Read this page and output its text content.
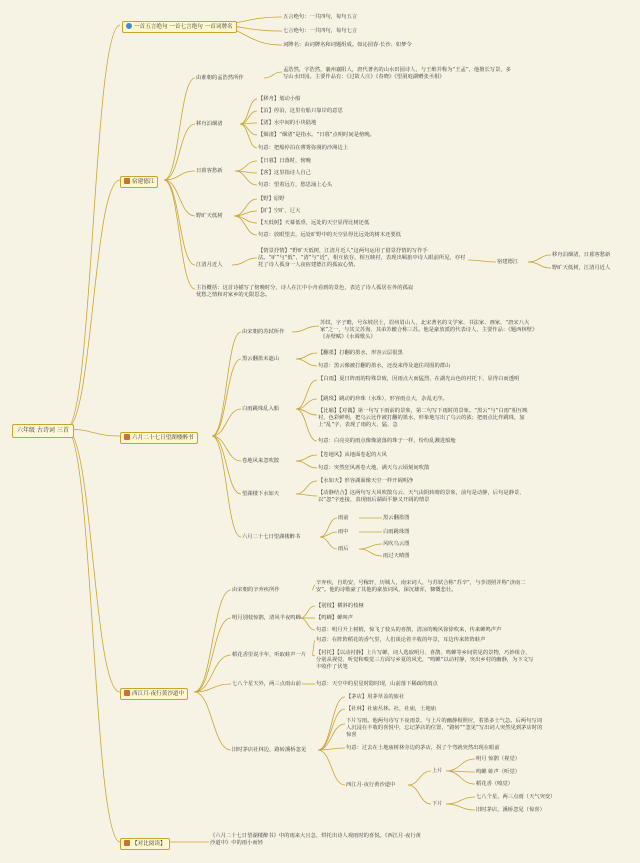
六年级 古诗词 三首
一首五言绝句 一首七言绝句 一首词牌名
五言绝句：一共四句，每句五言
七言绝句：一共四句，每句七言
词牌名：由词牌名和词题组成。如沁园春·长沙、如梦令
宿建德江
由谁朝的孟浩然所作
孟浩然，字浩然，襄州襄阳人，唐代著名的山水田园诗人，与王维并称为“王孟”，他擅长写景，多写山水田园。主要作品有：《过故人庄》《春晓》《望洞庭湖赠张丞相》
移舟泊烟渚
【移舟】划动小船
【泊】停泊，这里有船只靠岸的意思
【渚】水中间的小块陆地
【烟渚】“烟渚”是指水。“日暮”点明时间是傍晚。
句意：把船停泊在薄雾弥漫的沙洲边上
日暮客愁新
【日暮】日落时，傍晚
【客】这里指诗人自己
句意：望着远方，愁思涌上心头
野旷天低树
【野】原野
【旷】空旷，辽大
【天低树】天幕低垂，远处的天空显得比树还低
句意：放眼望去，远处旷野中的天空显得比远处的树木还要低
江清月近人
【情景抒情】“野旷天低树，江清月近人”这两句运用了借景抒情的写作手法。“旷”与“低”，“清”与“近”，相互依存，相互映衬，表现出羁旅中诗人眼前所见，亦衬托了诗人孤身一人夜宿建德江的孤寂心情。	宿建德江
移舟泊烟渚，日暮客愁新
野旷天低树，江清月近人
主旨概括：这首诗描写了傍晚时分，诗人在江中小舟看到的景色，表达了诗人孤居在外的孤寂忧愁之情和对家乡的无限思念。
六月二十七日望湖楼醉书
由宋朝的苏轼所作
苏轼，字子瞻，号东坡居士，眉州眉山人，北宋著名的文学家、书法家、画家，“唐宋八大家”之一，与其父苏洵、其弟苏辙合称三苏。他是豪放派的代表诗人，主要作品：《题西林壁》《赤壁赋》《水调歌头》
黑云翻墨未遮山
【翻墨】打翻的墨水，形容云层很黑
句意：黑云像被打翻的墨水，还没来得及遮住周围的群山
白雨跳珠乱入船
【白雨】夏日阵雨的特殊景致，因雨点大而猛烈，在湖光山色的衬托下，显得白而透明
【跳珠】跳动的珍珠（水珠），形容雨点大，杂乱无序。
【比喻】【对偶】第一句写下雨前的景象，第二句写下雨时的景象。“黑云”与“白雨”相互映衬，色彩鲜明，把乌云比作被打翻的墨水，形象地写出了乌云的浓；把雨点比作跳珠，加上“乱”字，表现了雨的大、猛、急
句意：白亮亮的雨点像像滚落的珠子一样，纷纷乱溅进船舱
卷地风来忽吹散
【卷地风】从地面卷起的大风
句意：突然狂风席卷大地，满天乌云顷刻间吹散
望湖楼下水如天
【水如天】形容湖面像天空一样开阔明净
【动静结合】这两句写大风吹散乌云、天气由阴转晴的景象，前句是动静，后句是静景，以“忽”字连接，表现雨后湖面平静又开阔的情景
六月二十七日望湖楼醉书
雨前
雨中
雨后
黑云翻墨图
白雨跳珠图
风吹乌云图
雨过天晴图
西江月·夜行黄沙道中
由宋朝的辛弃疾所作
辛弃疾，自幼安，号稼轩，历城人，南宋词人，与苏轼合称“苏辛”，与李清照并称“济南二安”。他的诗歌豪了其他的豪放词风，深沉雄浑，慷慨悲壮。
明月别枝惊鹊，清风半夜鸣蝉
【别枝】横斜的枝桠
【鸣蝉】蝉叫声
句意：明月升上树梢，惊飞了枝头的喜鹊，清凉的晚风徐徐吹来，传来蝉鸣声声
稻花香里说丰年，听取蛙声一片
句意：在阵阵稻花的香气里，人们谈论着丰收的年景，耳边传来阵阵蛙声
【衬托】【以动衬静】上片写蝉，词人选取明月、喜鹊、鸣蝉等乡间常见的景物，巧妙组合，分别从视觉、听觉和嗅觉三方面写乡夏的风光，“鸣蝉”以动衬静，突出乡村的幽静，为下文写丰收作了伏笔
七八个星天外，两三点雨山前	句意：天空中的星星时隐时现，山前落下稀疏的雨点
旧时茅店社林边，路转溪桥忽见
【茅店】用茅草盖的旅社
【社林】社庙丛林。社，社庙，土地庙
下片写雨。他两句诗写下夜雨景，与上片的幽静相照应，着墨多士气急。后两句写词人沉浸在丰收的喜悦中，忘记茅店的位置，“路转”“忽见”写出词人突然见到茅店时的惊喜
句意：过去在土地庙树林旁边的茅店，拐了个弯就突然出现在眼前
西江月·夜行黄沙道中
上片
下片
明月 惊鹊（视觉）
鸣蝉 蛙声（听觉）
稻花香（嗅觉）
七八个星，两三点雨（天气突变）
旧时茅店，溪桥忽见（惊喜）
【对比阅读】
《六月二十七日望湖楼醉书》中的雨来大且急，烘托出诗人观雨时的喜悦。《西江月·夜行黄沙道中》中的雨小而轻
